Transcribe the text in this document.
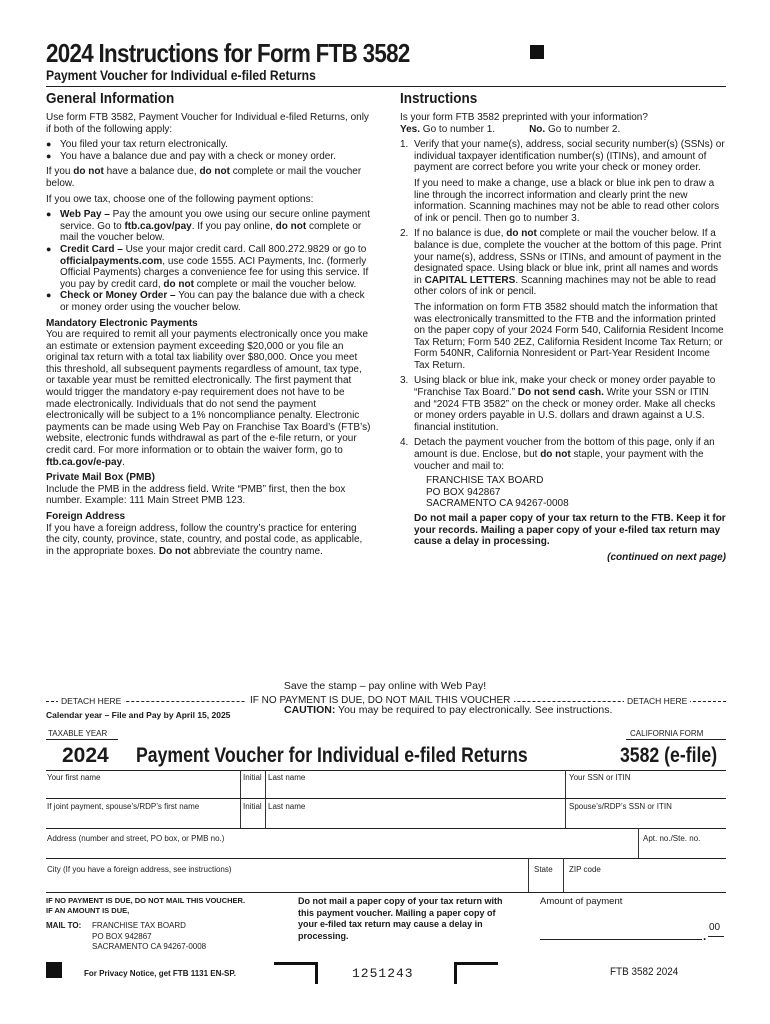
2024 Instructions for Form FTB 3582
Payment Voucher for Individual e-filed Returns
General Information

Use form FTB 3582, Payment Voucher for Individual e-filed Returns, only if both of the following apply:

● You filed your tax return electronically.

● You have a balance due and pay with a check or money order.

If you do not have a balance due, do not complete or mail the voucher below.

If you owe tax, choose one of the following payment options:

● Web Pay – Pay the amount you owe using our secure online payment service. Go to ftb.ca.gov/pay. If you pay online, do not complete or mail the voucher below.

● Credit Card – Use your major credit card. Call 800.272.9829 or go to officialpayments.com, use code 1555. ACI Payments, Inc. (formerly Official Payments) charges a convenience fee for using this service. If you pay by credit card, do not complete or mail the voucher below.

● Check or Money Order – You can pay the balance due with a check or money order using the voucher below.

Mandatory Electronic Payments

You are required to remit all your payments electronically once you make an estimate or extension payment exceeding $20,000 or you file an original tax return with a total tax liability over $80,000. Once you meet this threshold, all subsequent payments regardless of amount, tax type, or taxable year must be remitted electronically. The first payment that would trigger the mandatory e-pay requirement does not have to be made electronically. Individuals that do not send the payment electronically will be subject to a 1% noncompliance penalty. Electronic payments can be made using Web Pay on Franchise Tax Board’s (FTB’s) website, electronic funds withdrawal as part of the e-file return, or your credit card. For more information or to obtain the waiver form, go to ftb.ca.gov/e-pay.

Private Mail Box (PMB)

Include the PMB in the address field. Write “PMB” first, then the box number. Example: 111 Main Street PMB 123.

Foreign Address

If you have a foreign address, follow the country’s practice for entering the city, county, province, state, country, and postal code, as applicable, in the appropriate boxes. Do not abbreviate the country name.

Instructions

Is your form FTB 3582 preprinted with your information?

Yes. Go to number 1.	No. Go to number 2.

1. Verify that your name(s), address, social security number(s) (SSNs) or individual taxpayer identification number(s) (ITINs), and amount of payment are correct before you write your check or money order.

If you need to make a change, use a black or blue ink pen to draw a line through the incorrect information and clearly print the new information. Scanning machines may not be able to read other colors of ink or pencil. Then go to number 3.

2. If no balance is due, do not complete or mail the voucher below. If a balance is due, complete the voucher at the bottom of this page. Print your name(s), address, SSNs or ITINs, and amount of payment in the designated space. Using black or blue ink, print all names and words in CAPITAL LETTERS. Scanning machines may not be able to read other colors of ink or pencil.

The information on form FTB 3582 should match the information that was electronically transmitted to the FTB and the information printed on the paper copy of your 2024 Form 540, California Resident Income Tax Return; Form 540 2EZ, California Resident Income Tax Return; or Form 540NR, California Nonresident or Part-Year Resident Income Tax Return.

3. Using black or blue ink, make your check or money order payable to “Franchise Tax Board.” Do not send cash. Write your SSN or ITIN and “2024 FTB 3582” on the check or money order. Make all checks or money orders payable in U.S. dollars and drawn against a U.S. financial institution.

4. Detach the payment voucher from the bottom of this page, only if an amount is due. Enclose, but do not staple, your payment with the voucher and mail to:

FRANCHISE TAX BOARD
PO BOX 942867
SACRAMENTO CA 94267-0008

Do not mail a paper copy of your tax return to the FTB. Keep it for your records. Mailing a paper copy of your e-filed tax return may cause a delay in processing.

(continued on next page)

Save the stamp – pay online with Web Pay!
DETACH HERE	IF NO PAYMENT IS DUE, DO NOT MAIL THIS VOUCHER	DETACH HERE
Calendar year – File and Pay by April 15, 2025	CAUTION: You may be required to pay electronically. See instructions.
TAXABLE YEAR	CALIFORNIA FORM
2024 Payment Voucher for Individual e-filed Returns	3582 (e-file)
Your first name	Initial Last name	Your SSN or ITIN
If joint payment, spouse’s/RDP’s first name	Initial Last name	Spouse’s/RDP’s SSN or ITIN
Address (number and street, PO box, or PMB no.)	Apt. no./Ste. no.
City (If you have a foreign address, see instructions)	State ZIP code
IF NO PAYMENT IS DUE, DO NOT MAIL THIS VOUCHER.
IF AN AMOUNT IS DUE,
MAIL TO: FRANCHISE TAX BOARD
PO BOX 942867
SACRAMENTO CA 94267-0008
Do not mail a paper copy of your tax return with this payment voucher. Mailing a paper copy of your e-filed tax return may cause a delay in processing.
Amount of payment
.
00
For Privacy Notice, get FTB 1131 EN-SP.	1251243	FTB 3582 2024
